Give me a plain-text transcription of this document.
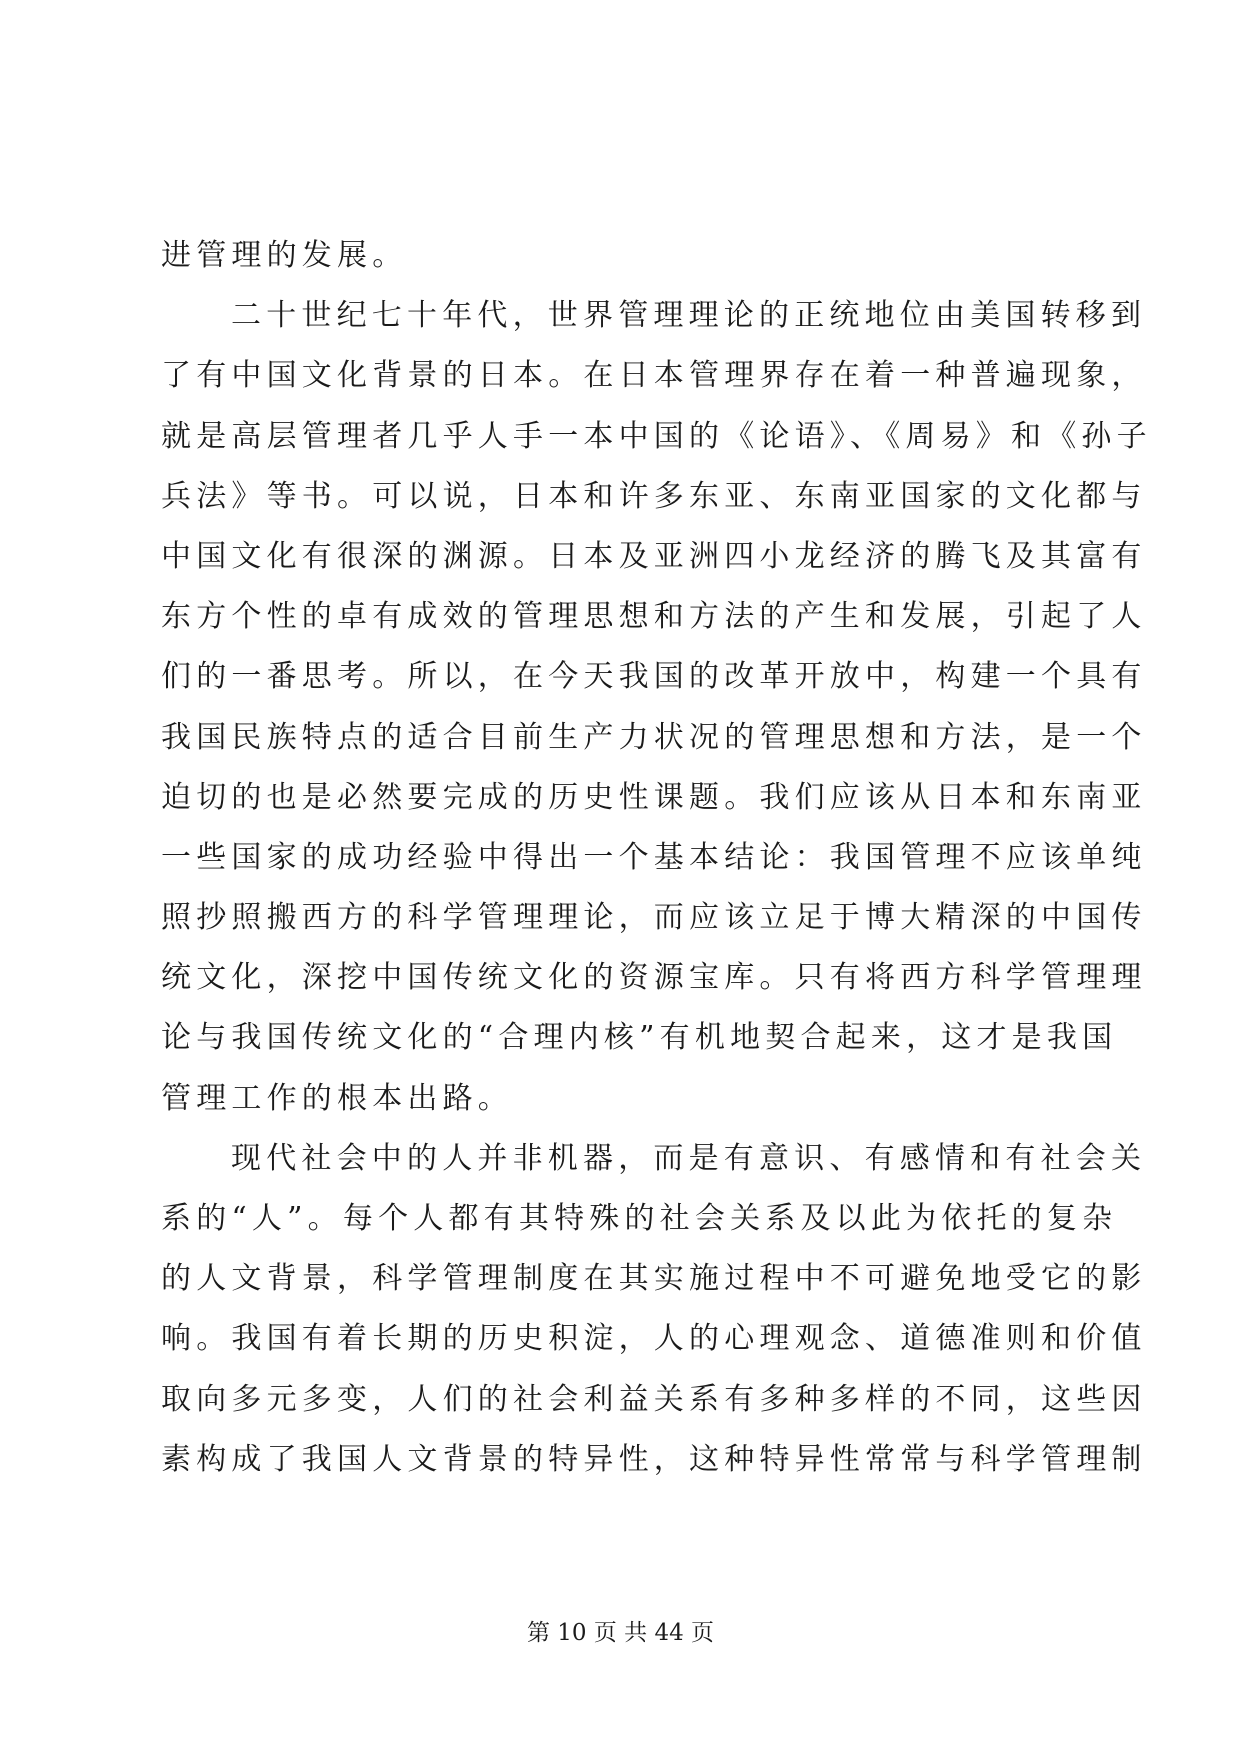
进管理的发展。
二十世纪七十年代，世界管理理论的正统地位由美国转移到
了有中国文化背景的日本。在日本管理界存在着一种普遍现象，
就是高层管理者几乎人手一本中国的《论语》、《周易》和《孙子
兵法》等书。可以说，日本和许多东亚、东南亚国家的文化都与
中国文化有很深的渊源。日本及亚洲四小龙经济的腾飞及其富有
东方个性的卓有成效的管理思想和方法的产生和发展，引起了人
们的一番思考。所以，在今天我国的改革开放中，构建一个具有
我国民族特点的适合目前生产力状况的管理思想和方法，是一个
迫切的也是必然要完成的历史性课题。我们应该从日本和东南亚
一些国家的成功经验中得出一个基本结论：我国管理不应该单纯
照抄照搬西方的科学管理理论，而应该立足于博大精深的中国传
统文化，深挖中国传统文化的资源宝库。只有将西方科学管理理
论与我国传统文化的“合理内核”有机地契合起来，这才是我国
管理工作的根本出路。
现代社会中的人并非机器，而是有意识、有感情和有社会关
系的“人”。每个人都有其特殊的社会关系及以此为依托的复杂
的人文背景，科学管理制度在其实施过程中不可避免地受它的影
响。我国有着长期的历史积淀，人的心理观念、道德准则和价值
取向多元多变，人们的社会利益关系有多种多样的不同，这些因
素构成了我国人文背景的特异性，这种特异性常常与科学管理制
第 10 页 共 44 页
